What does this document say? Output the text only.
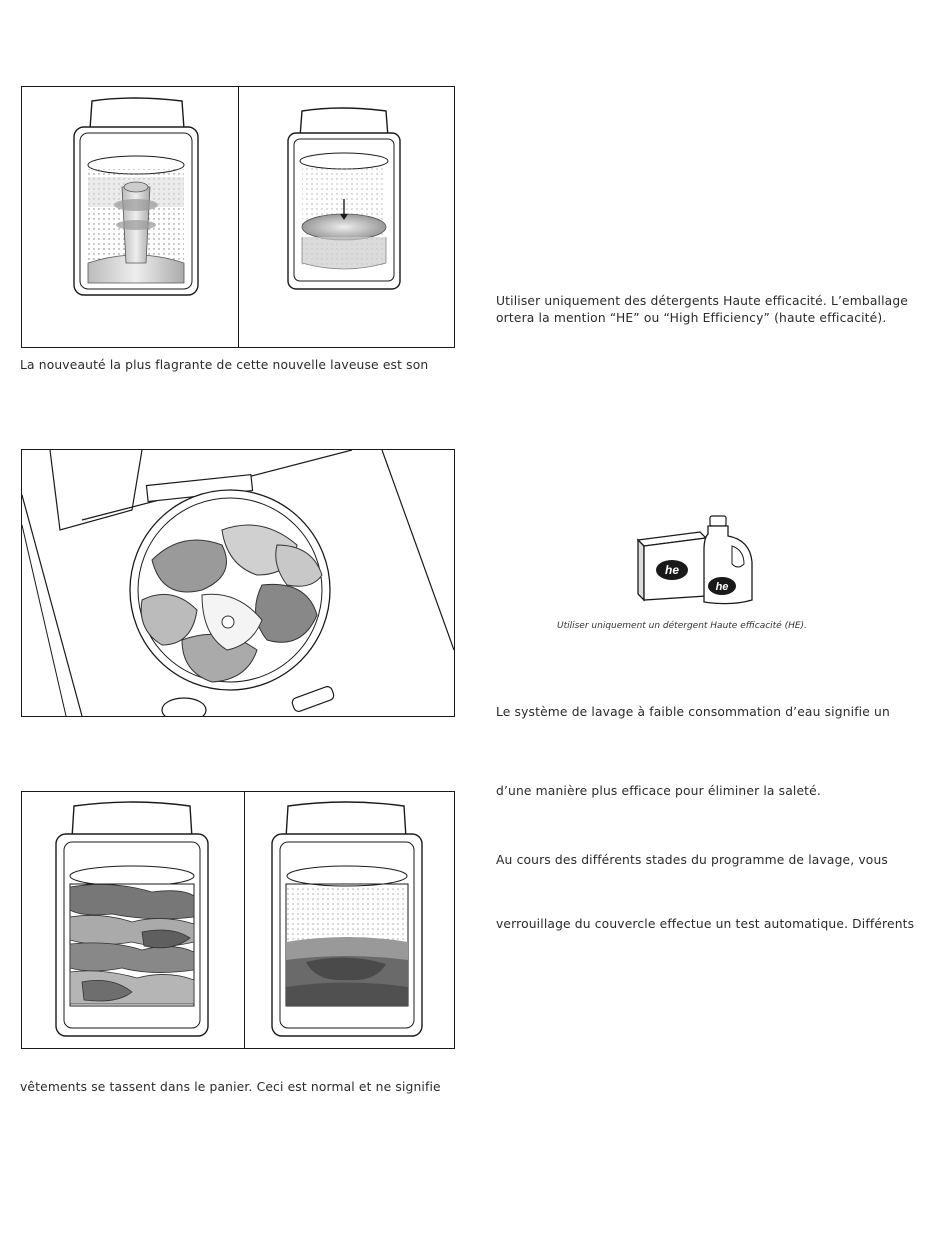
La nouveauté la plus flagrante de cette nouvelle laveuse est son
vêtements se tassent dans le panier. Ceci est normal et ne signifie
Utiliser uniquement des détergents Haute efficacité. L’emballage
ortera la mention “HE” ou “High Efficiency” (haute efficacité).
he
he
Utiliser uniquement un détergent Haute efficacité (HE).
Le système de lavage à faible consommation d’eau signifie un
d’une manière plus efficace pour éliminer la saleté.
Au cours des différents stades du programme de lavage, vous
verrouillage du couvercle effectue un test automatique. Différents
